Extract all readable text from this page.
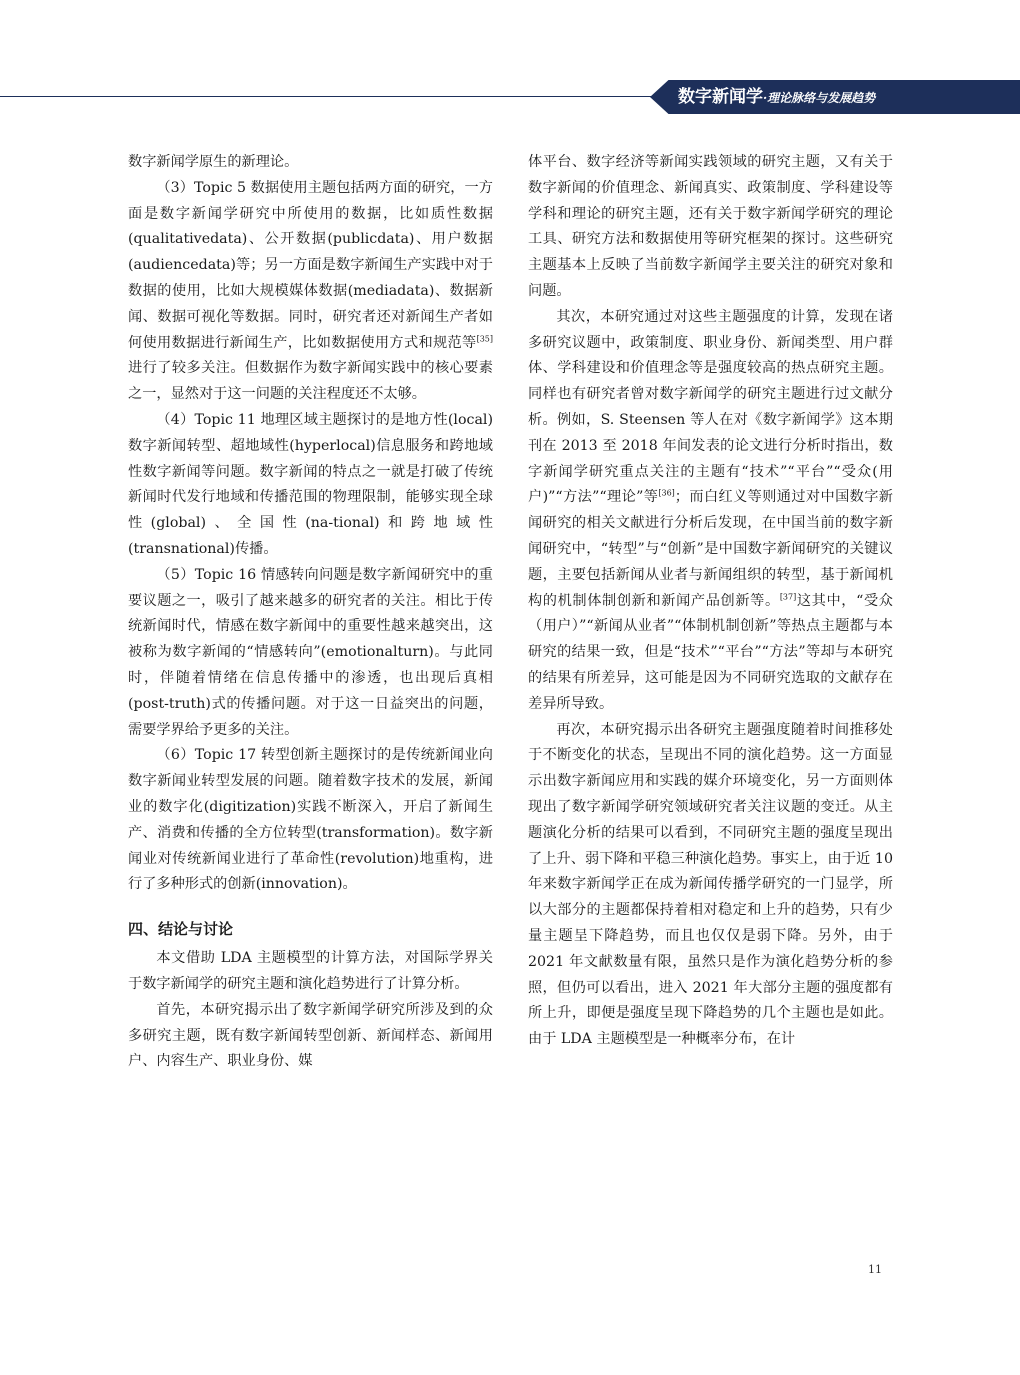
数字新闻学·理论脉络与发展趋势

数字新闻学原生的新理论。

（3）Topic 5 数据使用主题包括两方面的研究，一方面是数字新闻学研究中所使用的数据，比如质性数据(qualitativedata)、公开数据(publicdata)、用户数据(audiencedata)等；另一方面是数字新闻生产实践中对于数据的使用，比如大规模媒体数据(mediadata)、数据新闻、数据可视化等数据。同时，研究者还对新闻生产者如何使用数据进行新闻生产，比如数据使用方式和规范等[35]进行了较多关注。但数据作为数字新闻实践中的核心要素之一，显然对于这一问题的关注程度还不太够。

（4）Topic 11 地理区域主题探讨的是地方性(local)数字新闻转型、超地域性(hyperlocal)信息服务和跨地域性数字新闻等问题。数字新闻的特点之一就是打破了传统新闻时代发行地域和传播范围的物理限制，能够实现全球性(global)、全国性(na-tional)和跨地域性(transnational)传播。

（5）Topic 16 情感转向问题是数字新闻研究中的重要议题之一，吸引了越来越多的研究者的关注。相比于传统新闻时代，情感在数字新闻中的重要性越来越突出，这被称为数字新闻的“情感转向”(emotionalturn)。与此同时，伴随着情绪在信息传播中的渗透，也出现后真相(post-truth)式的传播问题。对于这一日益突出的问题，需要学界给予更多的关注。

（6）Topic 17 转型创新主题探讨的是传统新闻业向数字新闻业转型发展的问题。随着数字技术的发展，新闻业的数字化(digitization)实践不断深入，开启了新闻生产、消费和传播的全方位转型(transformation)。数字新闻业对传统新闻业进行了革命性(revolution)地重构，进行了多种形式的创新(innovation)。

四、结论与讨论

本文借助 LDA 主题模型的计算方法，对国际学界关于数字新闻学的研究主题和演化趋势进行了计算分析。

首先，本研究揭示出了数字新闻学研究所涉及到的众多研究主题，既有数字新闻转型创新、新闻样态、新闻用户、内容生产、职业身份、媒

体平台、数字经济等新闻实践领域的研究主题，又有关于数字新闻的价值理念、新闻真实、政策制度、学科建设等学科和理论的研究主题，还有关于数字新闻学研究的理论工具、研究方法和数据使用等研究框架的探讨。这些研究主题基本上反映了当前数字新闻学主要关注的研究对象和问题。

其次，本研究通过对这些主题强度的计算，发现在诸多研究议题中，政策制度、职业身份、新闻类型、用户群体、学科建设和价值理念等是强度较高的热点研究主题。同样也有研究者曾对数字新闻学的研究主题进行过文献分析。例如，S. Steensen 等人在对《数字新闻学》这本期刊在 2013 至 2018 年间发表的论文进行分析时指出，数字新闻学研究重点关注的主题有“技术”“平台”“受众(用户)”“方法”“理论”等[36]；而白红义等则通过对中国数字新闻研究的相关文献进行分析后发现，在中国当前的数字新闻研究中，“转型”与“创新”是中国数字新闻研究的关键议题，主要包括新闻从业者与新闻组织的转型，基于新闻机构的机制体制创新和新闻产品创新等。[37]这其中，“受众（用户）”“新闻从业者”“体制机制创新”等热点主题都与本研究的结果一致，但是“技术”“平台”“方法”等却与本研究的结果有所差异，这可能是因为不同研究选取的文献存在差异所导致。

再次，本研究揭示出各研究主题强度随着时间推移处于不断变化的状态，呈现出不同的演化趋势。这一方面显示出数字新闻应用和实践的媒介环境变化，另一方面则体现出了数字新闻学研究领域研究者关注议题的变迁。从主题演化分析的结果可以看到，不同研究主题的强度呈现出了上升、弱下降和平稳三种演化趋势。事实上，由于近 10 年来数字新闻学正在成为新闻传播学研究的一门显学，所以大部分的主题都保持着相对稳定和上升的趋势，只有少量主题呈下降趋势，而且也仅仅是弱下降。另外，由于 2021 年文献数量有限，虽然只是作为演化趋势分析的参照，但仍可以看出，进入 2021 年大部分主题的强度都有所上升，即便是强度呈现下降趋势的几个主题也是如此。由于 LDA 主题模型是一种概率分布，在计

11
